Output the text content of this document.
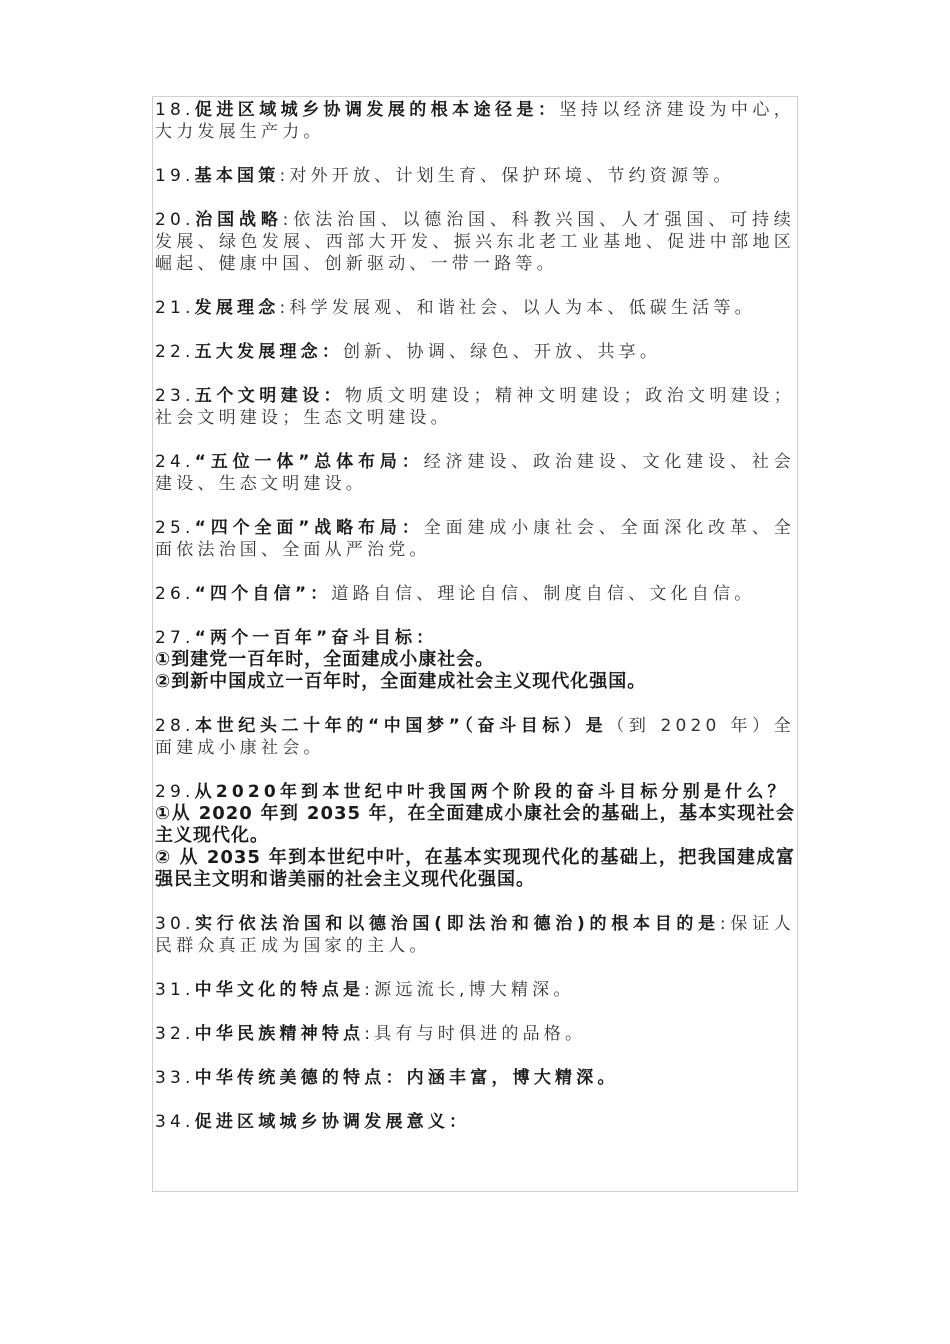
18.促进区域城乡协调发展的根本途径是：坚持以经济建设为中心，大力发展生产力。

19.基本国策:对外开放、计划生育、保护环境、节约资源等。

20.治国战略:依法治国、以德治国、科教兴国、人才强国、可持续发展、绿色发展、西部大开发、振兴东北老工业基地、促进中部地区崛起、健康中国、创新驱动、一带一路等。

21.发展理念:科学发展观、和谐社会、以人为本、低碳生活等。

22.五大发展理念：创新、协调、绿色、开放、共享。

23.五个文明建设：物质文明建设；精神文明建设；政治文明建设；社会文明建设；生态文明建设。

24.“五位一体”总体布局：经济建设、政治建设、文化建设、社会建设、生态文明建设。

25.“四个全面”战略布局：全面建成小康社会、全面深化改革、全面依法治国、全面从严治党。

26.“四个自信”：道路自信、理论自信、制度自信、文化自信。

27.“两个一百年”奋斗目标：

①到建党一百年时，全面建成小康社会。

②到新中国成立一百年时，全面建成社会主义现代化强国。

28.本世纪头二十年的“中国梦”（奋斗目标）是（到 2020 年）全面建成小康社会。

29.从2020年到本世纪中叶我国两个阶段的奋斗目标分别是什么？

①从 2020 年到 2035 年，在全面建成小康社会的基础上，基本实现社会主义现代化。

② 从 2035 年到本世纪中叶，在基本实现现代化的基础上，把我国建成富强民主文明和谐美丽的社会主义现代化强国。

30.实行依法治国和以德治国(即法治和德治)的根本目的是:保证人民群众真正成为国家的主人。

31.中华文化的特点是:源远流长,博大精深。

32.中华民族精神特点:具有与时俱进的品格。

33.中华传统美德的特点：内涵丰富，博大精深。

34.促进区域城乡协调发展意义：
